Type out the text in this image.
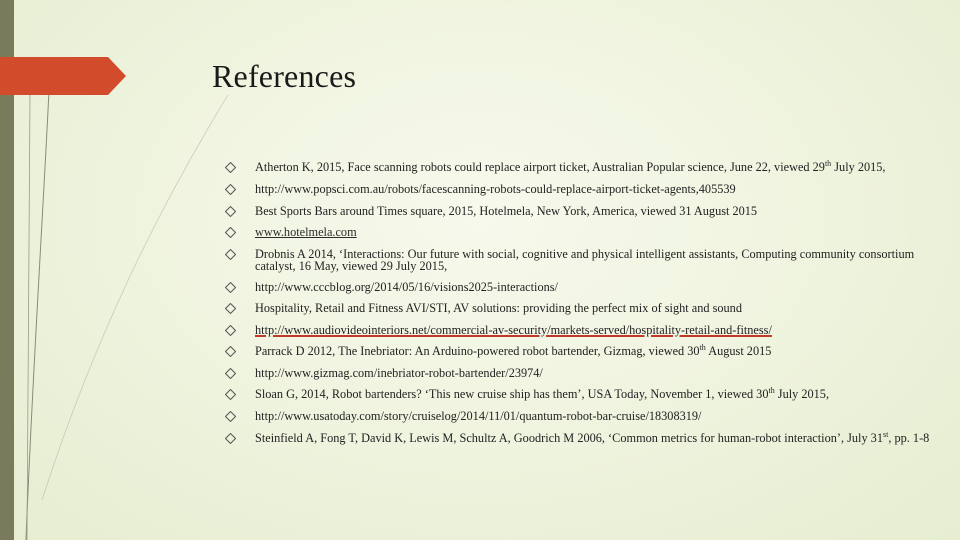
References
Atherton K, 2015, Face scanning robots could replace airport ticket, Australian Popular science, June 22, viewed 29th July 2015,
http://www.popsci.com.au/robots/facescanning-robots-could-replace-airport-ticket-agents,405539
Best Sports Bars around Times square, 2015, Hotelmela, New York, America, viewed 31 August 2015
www.hotelmela.com
Drobnis A 2014, ‘Interactions: Our future with social, cognitive and physical intelligent assistants, Computing community consortium catalyst, 16 May, viewed 29 July 2015,
http://www.cccblog.org/2014/05/16/visions2025-interactions/
Hospitality, Retail and Fitness AVI/STI, AV solutions: providing the perfect mix of sight and sound
http://www.audiovideointeriors.net/commercial-av-security/markets-served/hospitality-retail-and-fitness/
Parrack D 2012, The Inebriator: An Arduino-powered robot bartender, Gizmag, viewed 30th August 2015
http://www.gizmag.com/inebriator-robot-bartender/23974/
Sloan G, 2014, Robot bartenders? ‘This new cruise ship has them’, USA Today, November 1, viewed 30th July 2015,
http://www.usatoday.com/story/cruiselog/2014/11/01/quantum-robot-bar-cruise/18308319/
Steinfield A, Fong T, David K, Lewis M, Schultz A, Goodrich M 2006, ‘Common metrics for human-robot interaction’, July 31st, pp. 1-8
